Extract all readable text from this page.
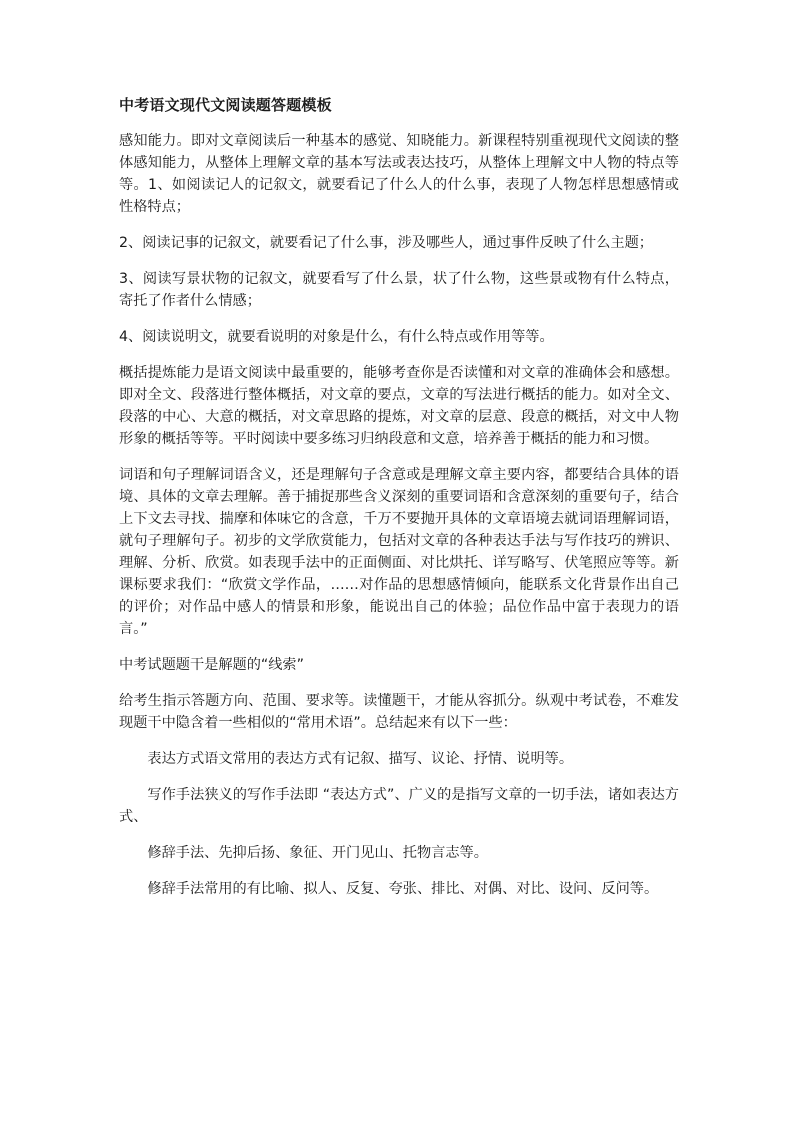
中考语文现代文阅读题答题模板

感知能力。即对文章阅读后一种基本的感觉、知晓能力。新课程特别重视现代文阅读的整体感知能力，从整体上理解文章的基本写法或表达技巧，从整体上理解文中人物的特点等等。1、如阅读记人的记叙文，就要看记了什么人的什么事，表现了人物怎样思想感情或性格特点；

2、阅读记事的记叙文，就要看记了什么事，涉及哪些人，通过事件反映了什么主题；

3、阅读写景状物的记叙文，就要看写了什么景，状了什么物，这些景或物有什么特点，寄托了作者什么情感；

4、阅读说明文，就要看说明的对象是什么，有什么特点或作用等等。

概括提炼能力是语文阅读中最重要的，能够考查你是否读懂和对文章的准确体会和感想。即对全文、段落进行整体概括，对文章的要点，文章的写法进行概括的能力。如对全文、段落的中心、大意的概括，对文章思路的提炼，对文章的层意、段意的概括，对文中人物形象的概括等等。平时阅读中要多练习归纳段意和文意，培养善于概括的能力和习惯。

词语和句子理解词语含义，还是理解句子含意或是理解文章主要内容，都要结合具体的语境、具体的文章去理解。善于捕捉那些含义深刻的重要词语和含意深刻的重要句子，结合上下文去寻找、揣摩和体味它的含意，千万不要抛开具体的文章语境去就词语理解词语，就句子理解句子。初步的文学欣赏能力，包括对文章的各种表达手法与写作技巧的辨识、理解、分析、欣赏。如表现手法中的正面侧面、对比烘托、详写略写、伏笔照应等等。新课标要求我们：“欣赏文学作品，……对作品的思想感情倾向，能联系文化背景作出自己的评价；对作品中感人的情景和形象，能说出自己的体验；品位作品中富于表现力的语言。”

中考试题题干是解题的“线索”

给考生指示答题方向、范围、要求等。读懂题干，才能从容抓分。纵观中考试卷，不难发现题干中隐含着一些相似的“常用术语”。总结起来有以下一些：

表达方式语文常用的表达方式有记叙、描写、议论、抒情、说明等。

写作手法狭义的写作手法即 “表达方式”、广义的是指写文章的一切手法，诸如表达方式、

修辞手法、先抑后扬、象征、开门见山、托物言志等。

修辞手法常用的有比喻、拟人、反复、夸张、排比、对偶、对比、设问、反问等。
